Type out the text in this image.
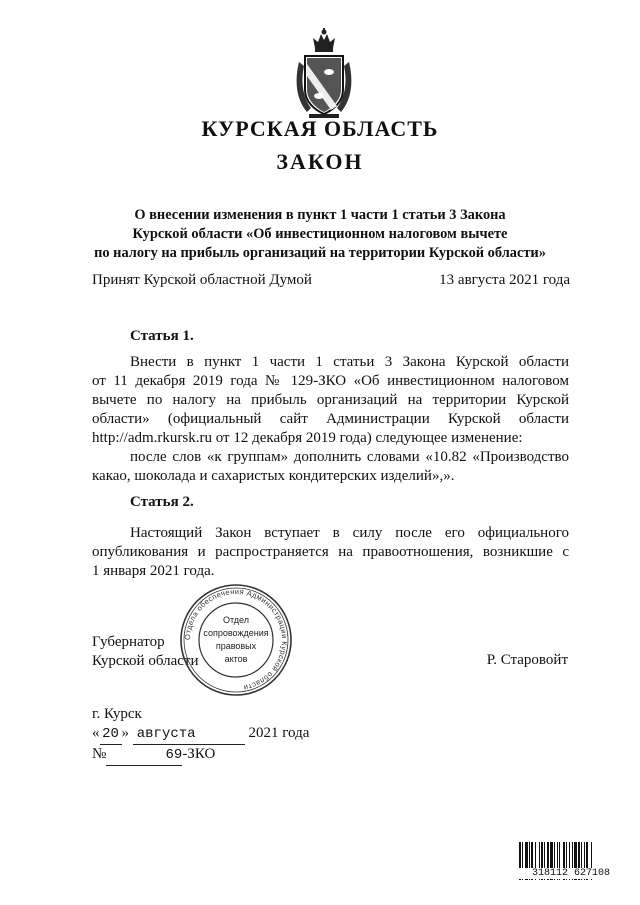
КУРСКАЯ ОБЛАСТЬ
ЗАКОН
О внесении изменения в пункт 1 части 1 статьи 3 Закона
Курской области «Об инвестиционном налоговом вычете
по налогу на прибыль организаций на территории Курской области»
Принят Курской областной Думой	13 августа 2021 года
Статья 1.
Внести в пункт 1 части 1 статьи 3 Закона Курской области
от 11 декабря 2019 года № 129-ЗКО «Об инвестиционном налоговом
вычете по налогу на прибыль организаций на территории Курской
области» (официальный сайт Администрации Курской области
http://adm.rkursk.ru от 12 декабря 2019 года) следующее изменение:
после слов «к группам» дополнить словами «10.82 «Производство
какао, шоколада и сахаристых кондитерских изделий»,».
Статья 2.
Настоящий Закон вступает в силу после его официального
опубликования и распространяется на правоотношения, возникшие с
1 января 2021 года.
Губернатор
Курской области	Р. Старовойт
Отдела обеспечения Администрации Курской области
Отдел
сопровождения
правовых
актов
г. Курск
« 20 » августа	2021 года
№	69-ЗКО
318112 627108
